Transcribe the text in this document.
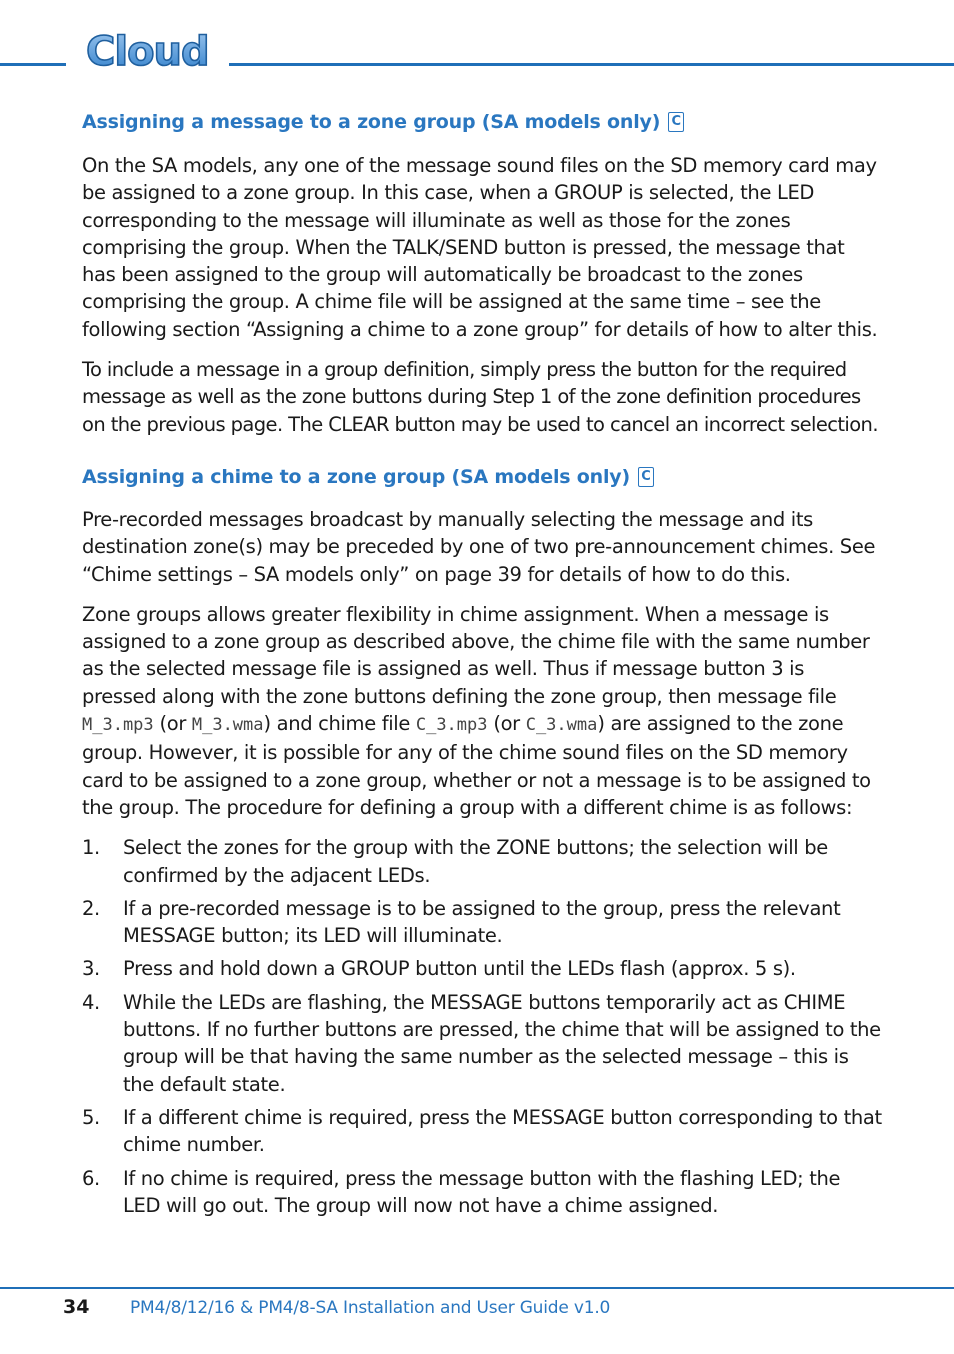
Cloud
Assigning a message to a zone group (SA models only)
C

On the SA models, any one of the message sound files on the SD memory card may be assigned to a zone group. In this case, when a GROUP is selected, the LED corresponding to the message will illuminate as well as those for the zones comprising the group. When the TALK/SEND button is pressed, the message that has been assigned to the group will automatically be broadcast to the zones comprising the group. A chime file will be assigned at the same time – see the following section “Assigning a chime to a zone group” for details of how to alter this.

To include a message in a group definition, simply press the button for the required message as well as the zone buttons during Step 1 of the zone definition procedures on the previous page. The CLEAR button may be used to cancel an incorrect selection.

Assigning a chime to a zone group (SA models only)
C

Pre-recorded messages broadcast by manually selecting the message and its destination zone(s) may be preceded by one of two pre-announcement chimes. See “Chime settings – SA models only” on page 39 for details of how to do this.

Zone groups allows greater flexibility in chime assignment. When a message is assigned to a zone group as described above, the chime file with the same number as the selected message file is assigned as well. Thus if message button 3 is pressed along with the zone buttons defining the zone group, then message file M_3.mp3 (or M_3.wma) and chime file C_3.mp3 (or C_3.wma) are assigned to the zone group. However, it is possible for any of the chime sound files on the SD memory card to be assigned to a zone group, whether or not a message is to be assigned to the group. The procedure for defining a group with a different chime is as follows:

1.	Select the zones for the group with the ZONE buttons; the selection will be confirmed by the adjacent LEDs.
2.	If a pre-recorded message is to be assigned to the group, press the relevant MESSAGE button; its LED will illuminate.
3.	Press and hold down a GROUP button until the LEDs flash (approx. 5 s).
4.	While the LEDs are flashing, the MESSAGE buttons temporarily act as CHIME buttons. If no further buttons are pressed, the chime that will be assigned to the group will be that having the same number as the selected message – this is the default state.
5.	If a different chime is required, press the MESSAGE button corresponding to that chime number.
6.	If no chime is required, press the message button with the flashing LED; the LED will go out. The group will now not have a chime assigned.
34 PM4/8/12/16 & PM4/8-SA Installation and User Guide v1.0
